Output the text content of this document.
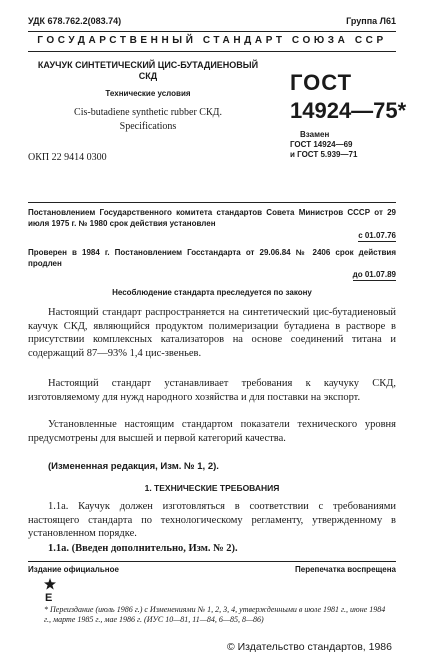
УДК 678.762.2(083.74)	Группа Л61
ГОСУДАРСТВЕННЫЙ СТАНДАРТ СОЮЗА ССР
КАУЧУК СИНТЕТИЧЕСКИЙ ЦИС-БУТАДИЕНОВЫЙ СКД
Технические условия
Cis-butadiene synthetic rubber СКД.
Specifications
ОКП 22 9414 0300
ГОСТ
14924—75*
Взамен
ГОСТ 14924—69
и ГОСТ 5.939—71
Постановлением Государственного комитета стандартов Совета Министров СССР от 29 июля 1975 г. № 1980 срок действия установлен
с 01.07.76
Проверен в 1984 г. Постановлением Госстандарта от 29.06.84 № 2406 срок действия продлен
до 01.07.89
Несоблюдение стандарта преследуется по закону
Настоящий стандарт распространяется на синтетический цис-бутадиеновый каучук СКД, являющийся продуктом полимеризации бутадиена в растворе в присутствии комплексных катализаторов на основе соединений титана и содержащий 87—93% 1,4 цис-звеньев.
Настоящий стандарт устанавливает требования к каучуку СКД, изготовляемому для нужд народного хозяйства и для поставки на экспорт.
Установленные настоящим стандартом показатели технического уровня предусмотрены для высшей и первой категорий качества.
(Измененная редакция, Изм. № 1, 2).
1. ТЕХНИЧЕСКИЕ ТРЕБОВАНИЯ
1.1а. Каучук должен изготовляться в соответствии с требованиями настоящего стандарта по технологическому регламенту, утвержденному в установленном порядке.
1.1а. (Введен дополнительно, Изм. № 2).
Издание официальное	Перепечатка воспрещена
E
* Переиздание (июль 1986 г.) с Изменениями № 1, 2, 3, 4, утвержденными в июле 1981 г., июне 1984 г., марте 1985 г., мае 1986 г. (ИУС 10—81, 11—84, 6—85, 8—86)
© Издательство стандартов, 1986
